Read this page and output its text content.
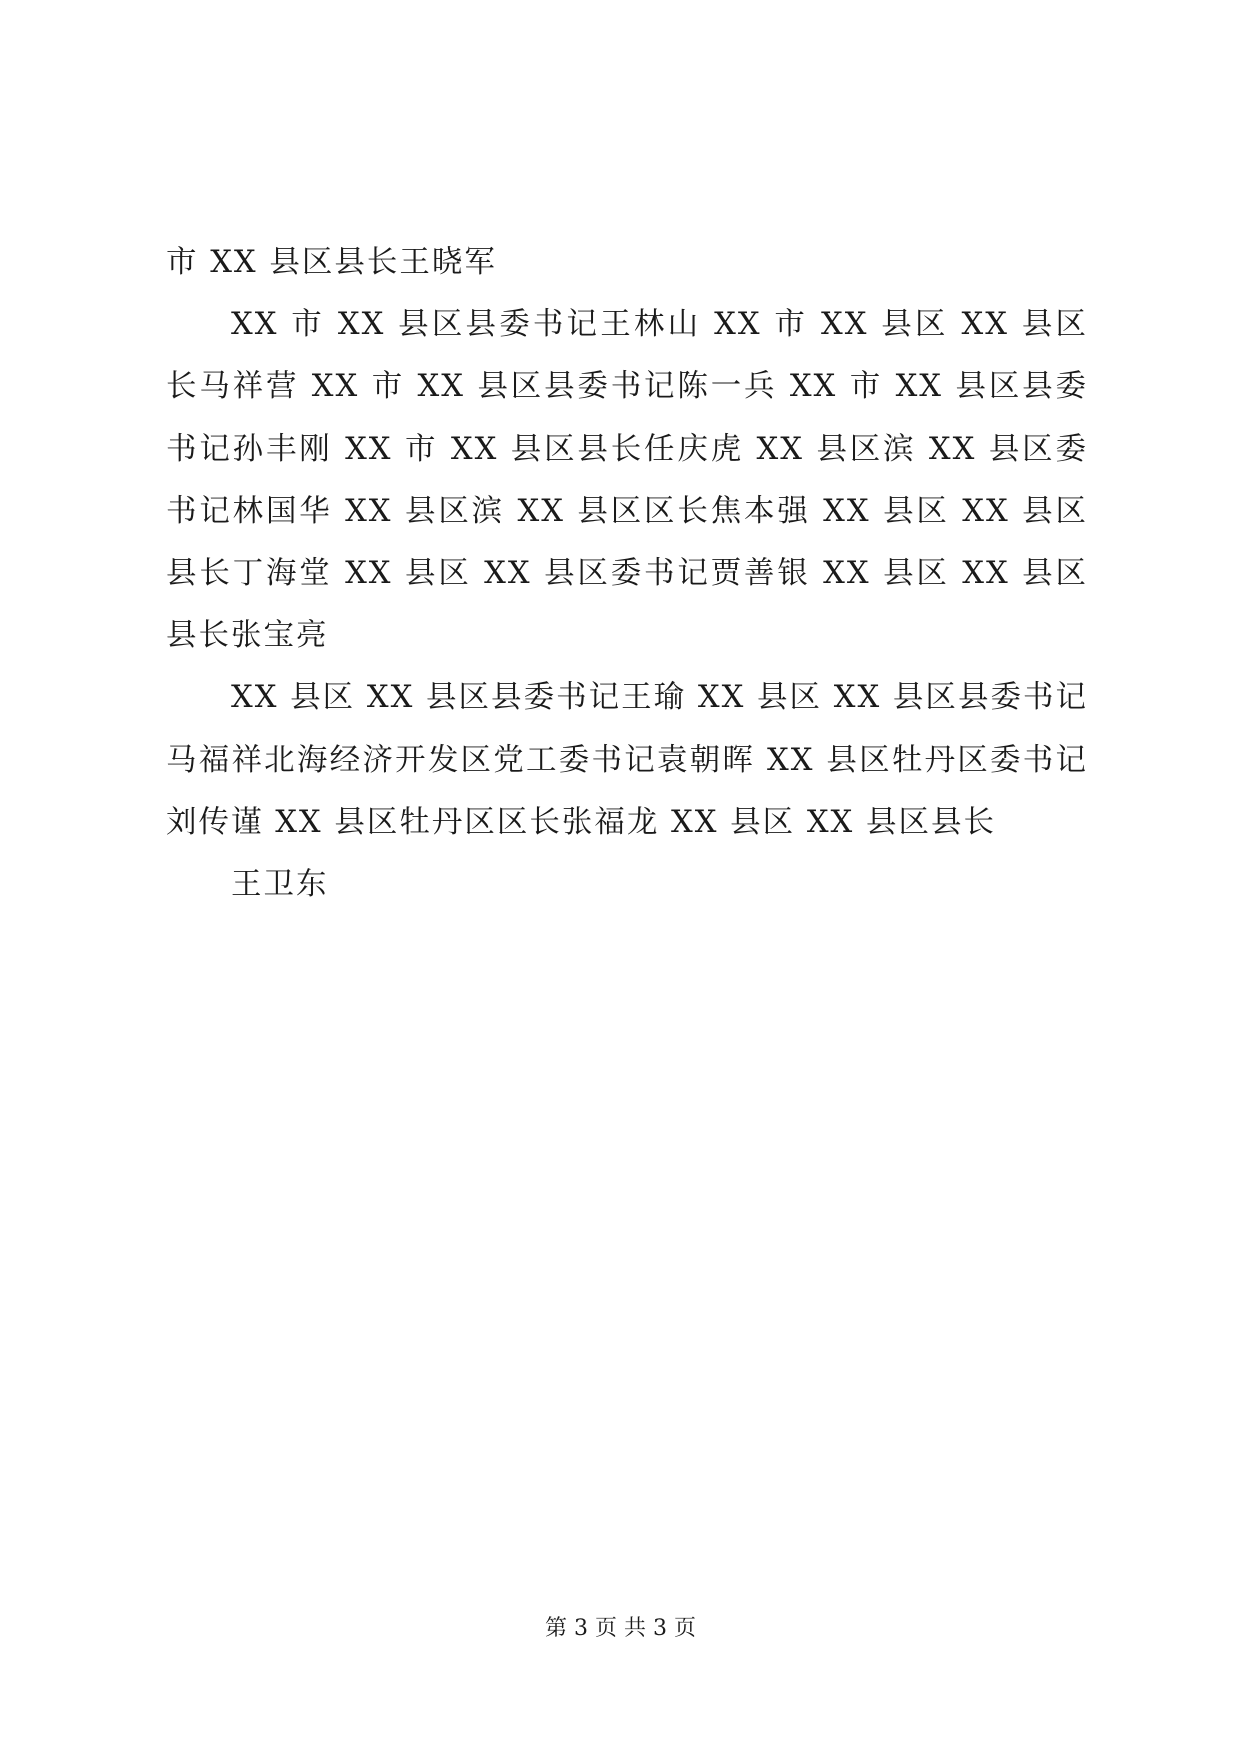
市 XX 县区县长王晓军

XX 市 XX 县区县委书记王林山 XX 市 XX 县区 XX 县区长马祥营 XX 市 XX 县区县委书记陈一兵 XX 市 XX 县区县委书记孙丰刚 XX 市 XX 县区县长任庆虎 XX 县区滨 XX 县区委书记林国华 XX 县区滨 XX 县区区长焦本强 XX 县区 XX 县区县长丁海堂 XX 县区 XX 县区委书记贾善银 XX 县区 XX 县区县长张宝亮

XX 县区 XX 县区县委书记王瑜 XX 县区 XX 县区县委书记马福祥北海经济开发区党工委书记袁朝晖 XX 县区牡丹区委书记刘传谨 XX 县区牡丹区区长张福龙 XX 县区 XX 县区县长

王卫东

第 3 页 共 3 页
